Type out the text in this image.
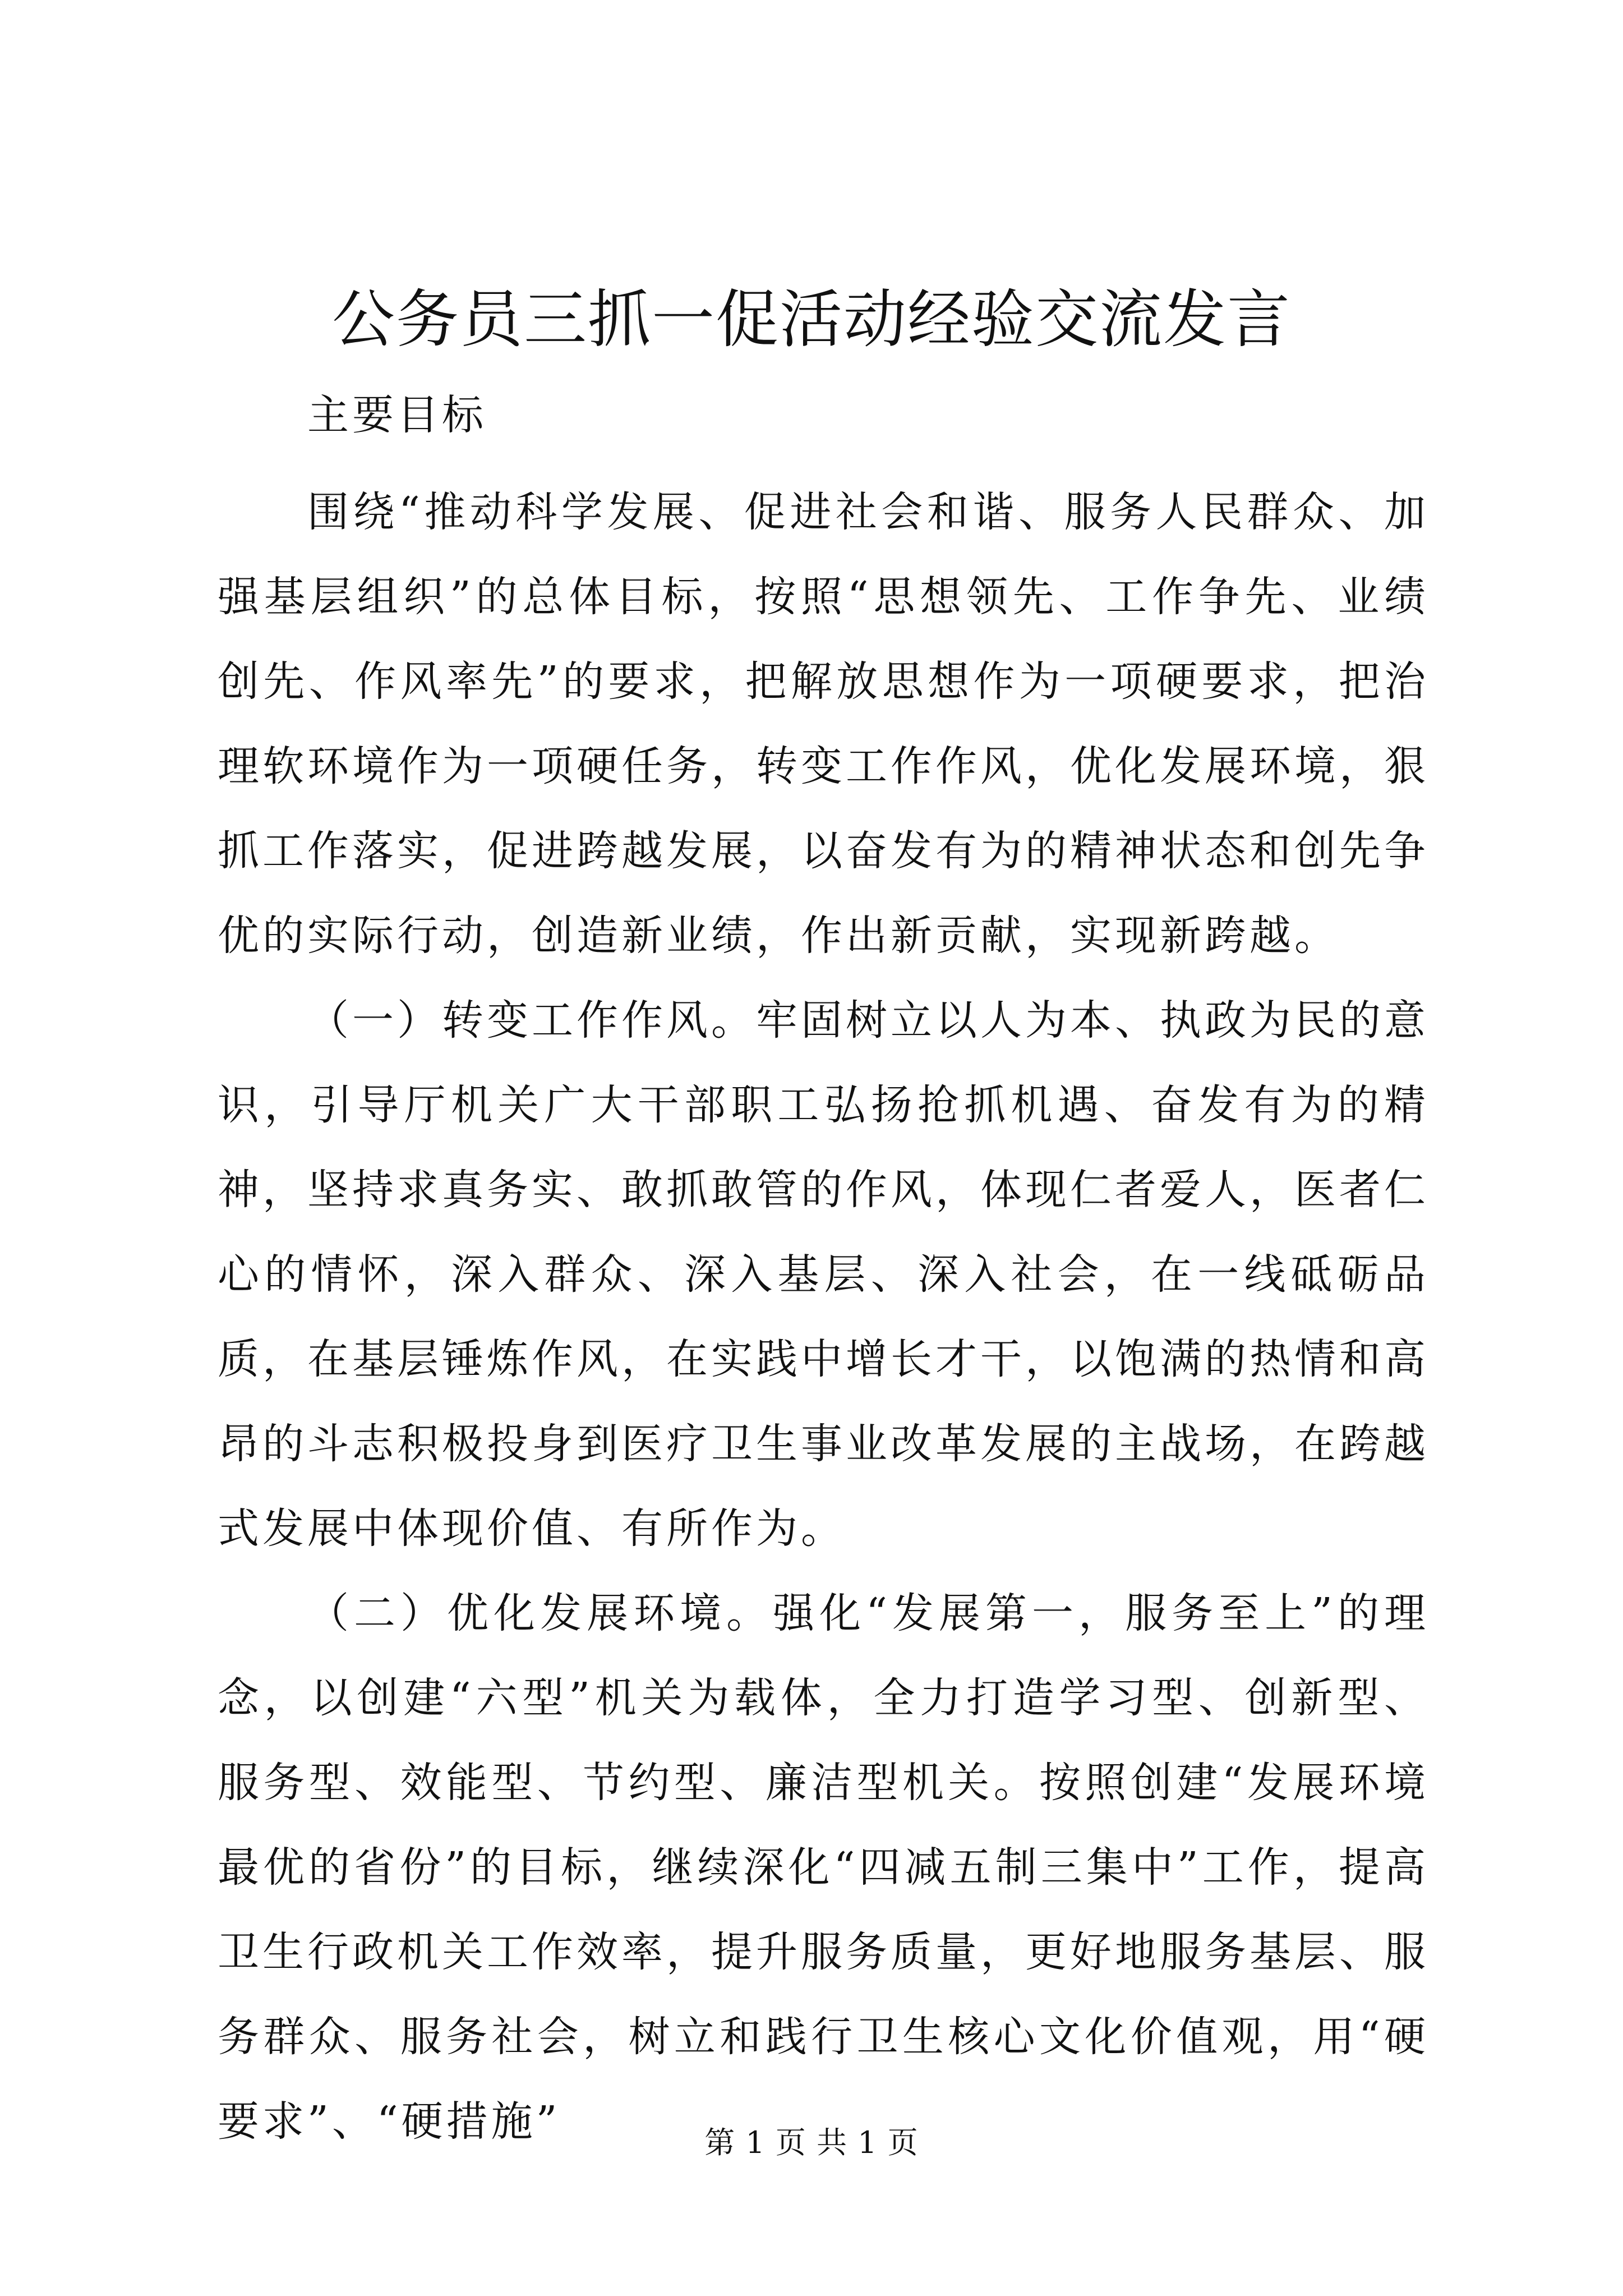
公务员三抓一促活动经验交流发言

主要目标

围绕“推动科学发展、促进社会和谐、服务人民群众、加强基层组织”的总体目标，按照“思想领先、工作争先、业绩创先、作风率先”的要求，把解放思想作为一项硬要求，把治理软环境作为一项硬任务，转变工作作风，优化发展环境，狠抓工作落实，促进跨越发展，以奋发有为的精神状态和创先争优的实际行动，创造新业绩，作出新贡献，实现新跨越。

（一）转变工作作风。牢固树立以人为本、执政为民的意识，引导厅机关广大干部职工弘扬抢抓机遇、奋发有为的精神，坚持求真务实、敢抓敢管的作风，体现仁者爱人，医者仁心的情怀，深入群众、深入基层、深入社会，在一线砥砺品质，在基层锤炼作风，在实践中增长才干，以饱满的热情和高昂的斗志积极投身到医疗卫生事业改革发展的主战场，在跨越式发展中体现价值、有所作为。

（二）优化发展环境。强化“发展第一，服务至上”的理念，以创建“六型”机关为载体，全力打造学习型、创新型、服务型、效能型、节约型、廉洁型机关。按照创建“发展环境最优的省份”的目标，继续深化“四减五制三集中”工作，提高卫生行政机关工作效率，提升服务质量，更好地服务基层、服务群众、服务社会，树立和践行卫生核心文化价值观，用“硬要求”、“硬措施”	第 1 页 共 1 页
